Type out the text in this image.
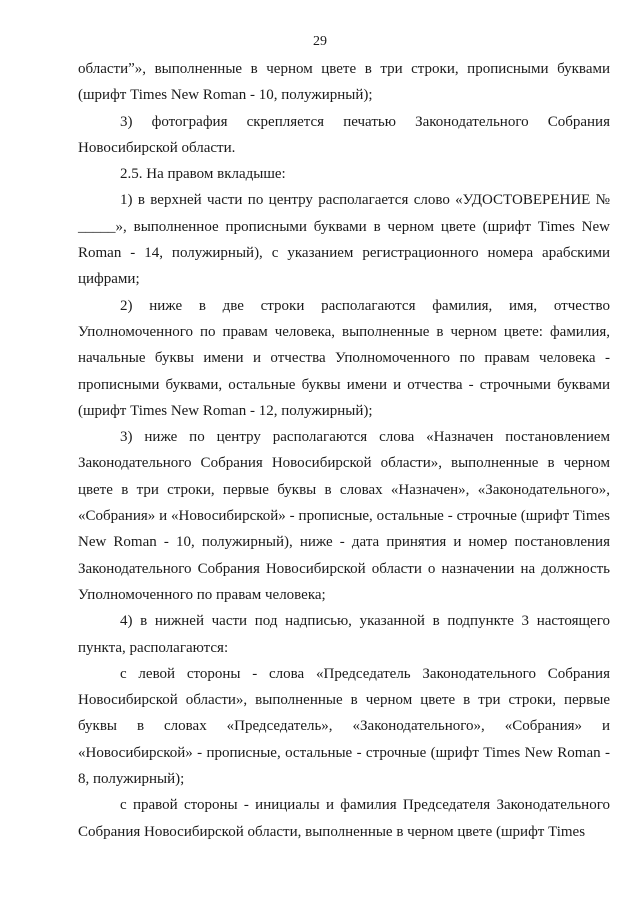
29

областиˮ», выполненные в черном цвете в три строки, прописными буквами (шрифт Times New Roman - 10, полужирный);

3) фотография скрепляется печатью Законодательного Собрания Новосибирской области.

2.5. На правом вкладыше:

1) в верхней части по центру располагается слово «УДОСТОВЕРЕНИЕ № _____», выполненное прописными буквами в черном цвете (шрифт Times New Roman - 14, полужирный), с указанием регистрационного номера арабскими цифрами;

2) ниже в две строки располагаются фамилия, имя, отчество Уполномоченного по правам человека, выполненные в черном цвете: фамилия, начальные буквы имени и отчества Уполномоченного по правам человека - прописными буквами, остальные буквы имени и отчества - строчными буквами (шрифт Times New Roman - 12, полужирный);

3) ниже по центру располагаются слова «Назначен постановлением Законодательного Собрания Новосибирской области», выполненные в черном цвете в три строки, первые буквы в словах «Назначен», «Законодательного», «Собрания» и «Новосибирской» - прописные, остальные - строчные (шрифт Times New Roman - 10, полужирный), ниже - дата принятия и номер постановления Законодательного Собрания Новосибирской области о назначении на должность Уполномоченного по правам человека;

4) в нижней части под надписью, указанной в подпункте 3 настоящего пункта, располагаются:

с левой стороны - слова «Председатель Законодательного Собрания Новосибирской области», выполненные в черном цвете в три строки, первые буквы в словах «Председатель», «Законодательного», «Собрания» и «Новосибирской» - прописные, остальные - строчные (шрифт Times New Roman - 8, полужирный);

с правой стороны - инициалы и фамилия Председателя Законодательного Собрания Новосибирской области, выполненные в черном цвете (шрифт Times
